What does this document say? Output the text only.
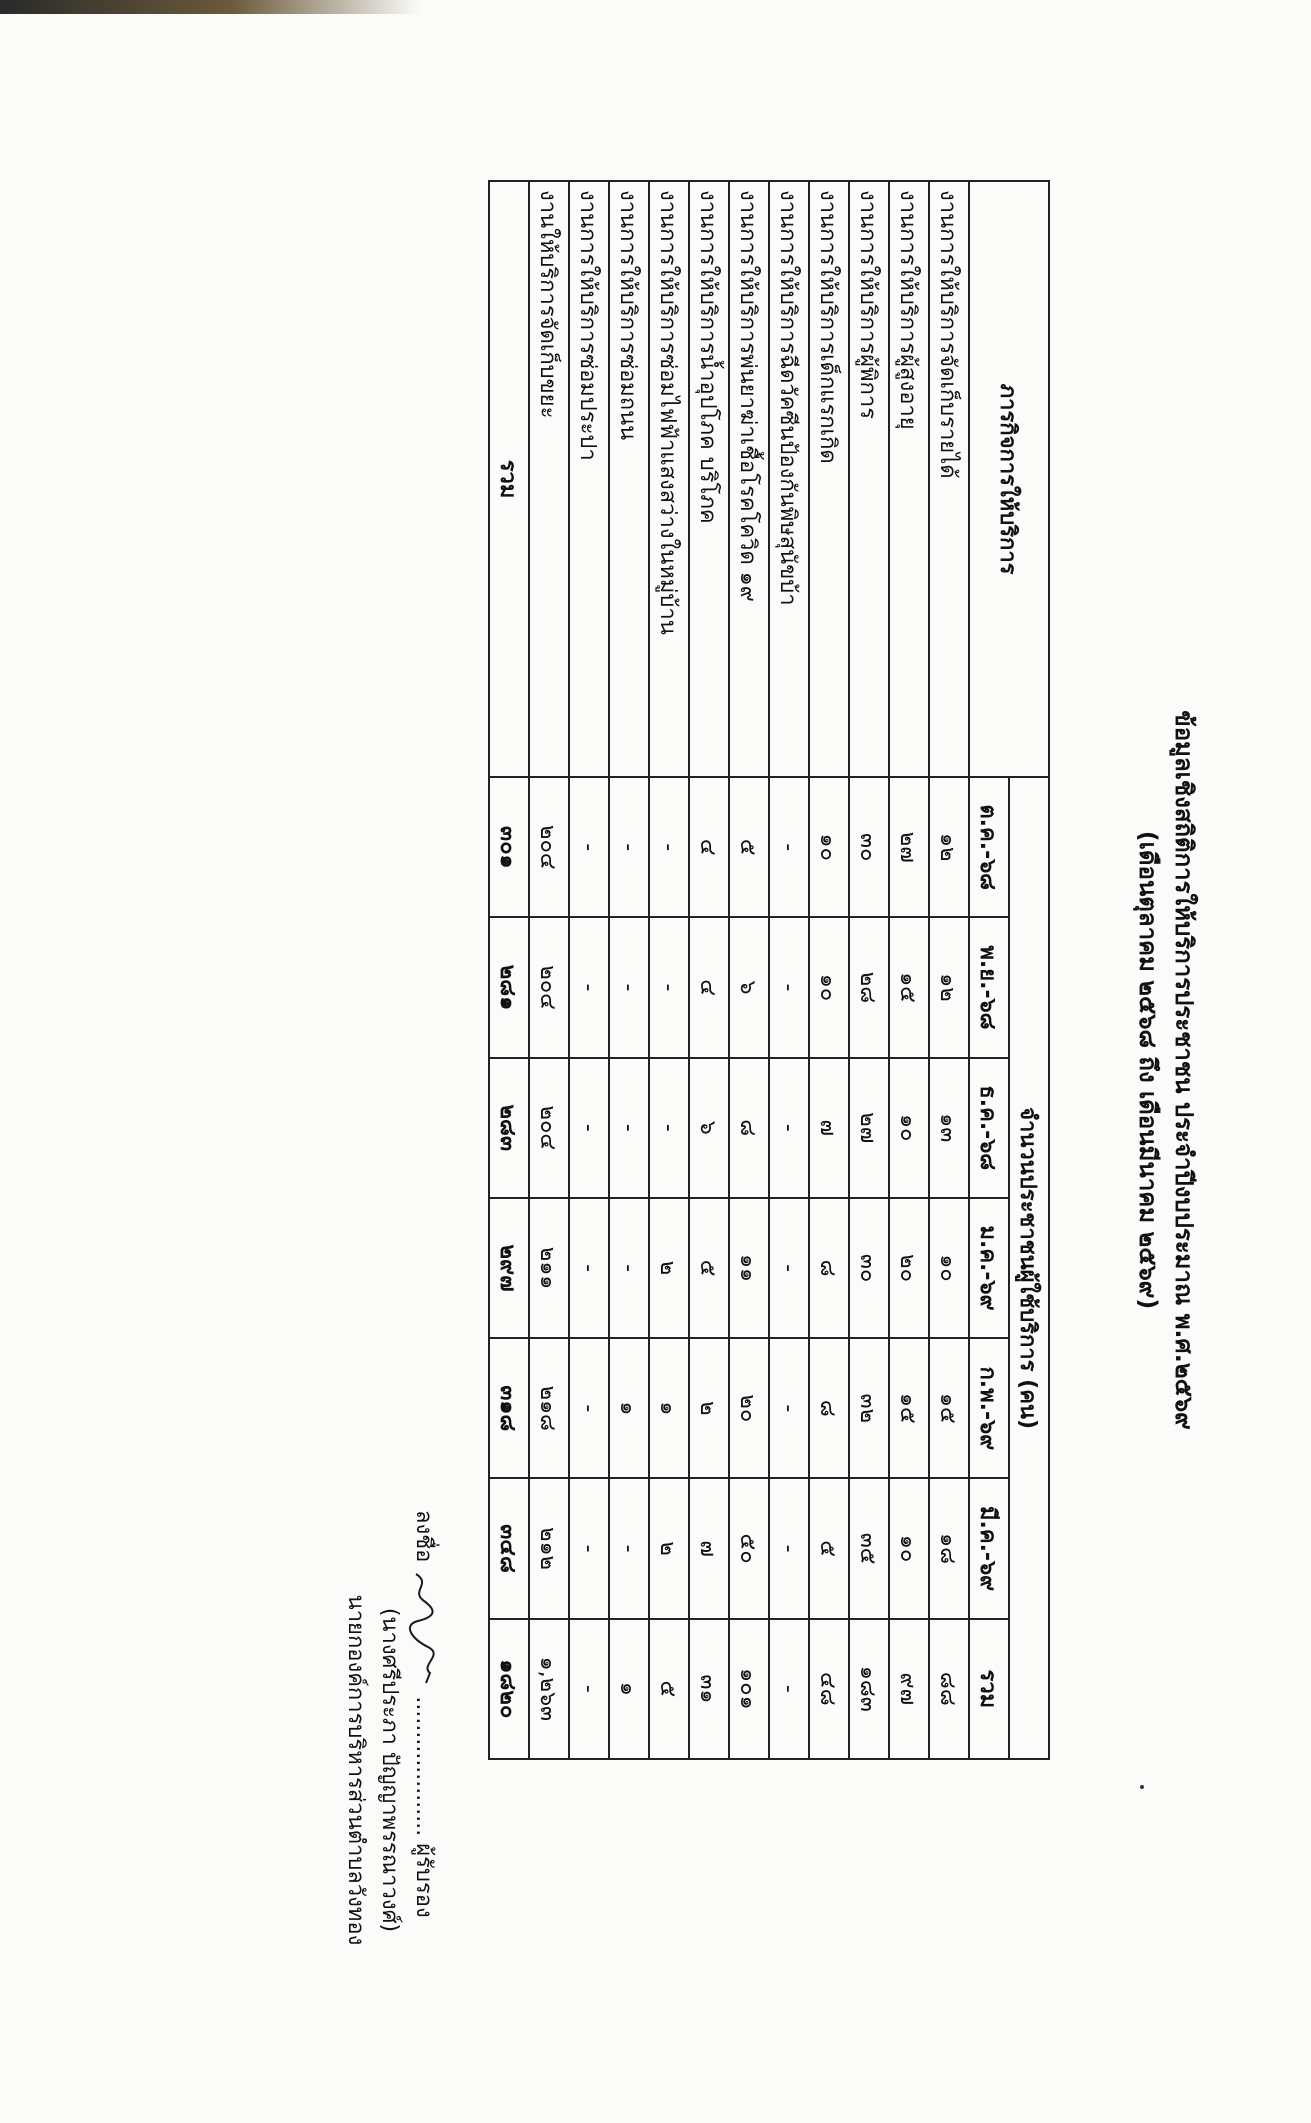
ข้อมูลเชิงสถิติการให้บริการประชาชน ประจำปีงบประมาณ พ.ศ.๒๕๖๙
(เดือนตุลาคม ๒๕๖๘ ถึง เดือนมีนาคม ๒๕๖๙)
ภารกิจการให้บริการ	จำนวนประชาชนผู้ใช้บริการ (คน)						
	ต.ค.-๖๘	พ.ย.-๖๘	ธ.ค.-๖๘	ม.ค.-๖๙	ก.พ.-๖๙	มี.ค.-๖๙	รวม
งานการให้บริการจัดเก็บรายได้	๑๒	๑๒	๑๓	๑๐	๑๕	๑๘	๘๘
งานการให้บริการผู้สูงอายุ	๒๗	๑๕	๑๐	๒๐	๑๕	๑๐	๙๗
งานการให้บริการผู้พิการ	๓๐	๒๘	๒๗	๓๐	๓๒	๓๕	๑๘๓
งานการให้บริการเด็กแรกเกิด	๑๐	๑๐	๗	๘	๘	๕	๔๘
งานการให้บริการฉีดวัคซีนป้องกันพิษสุนัขบ้า	-	-	-	-	-	-	-
งานการให้บริการพ่นยาฆ่าเชื้อโรคโควิด ๑๙	๕	๖	๘	๑๑	๒๐	๕๐	๑๐๑
งานการให้บริการน้ำอุปโภค บริโภค	๔	๔	๖	๕	๒	๗	๓๑
งานการให้บริการซ่อมไฟฟ้าแสงสว่างในหมู่บ้าน	-	-	-	๒	๑	๒	๕
งานการให้บริการซ่อมถนน	-	-	-	-	๑	-	๑
งานการให้บริการซ่อมประปา	-	-	-	-	-	-	-
งานให้บริการจัดเก็บขยะ	๒๐๔	๒๐๔	๒๐๔	๒๑๑	๒๑๘	๒๑๒	๑,๒๖๓
รวม	๓๐๑	๒๘๑	๒๘๓	๒๙๗	๓๑๘	๓๔๘	๑๘๒๐
ลงชื่อ  .................... ผู้รับรอง
(นางศรีประภา ปัญญาพรรณาวงศ์)
นายกองค์การบริหารส่วนตำบลวังทอง
